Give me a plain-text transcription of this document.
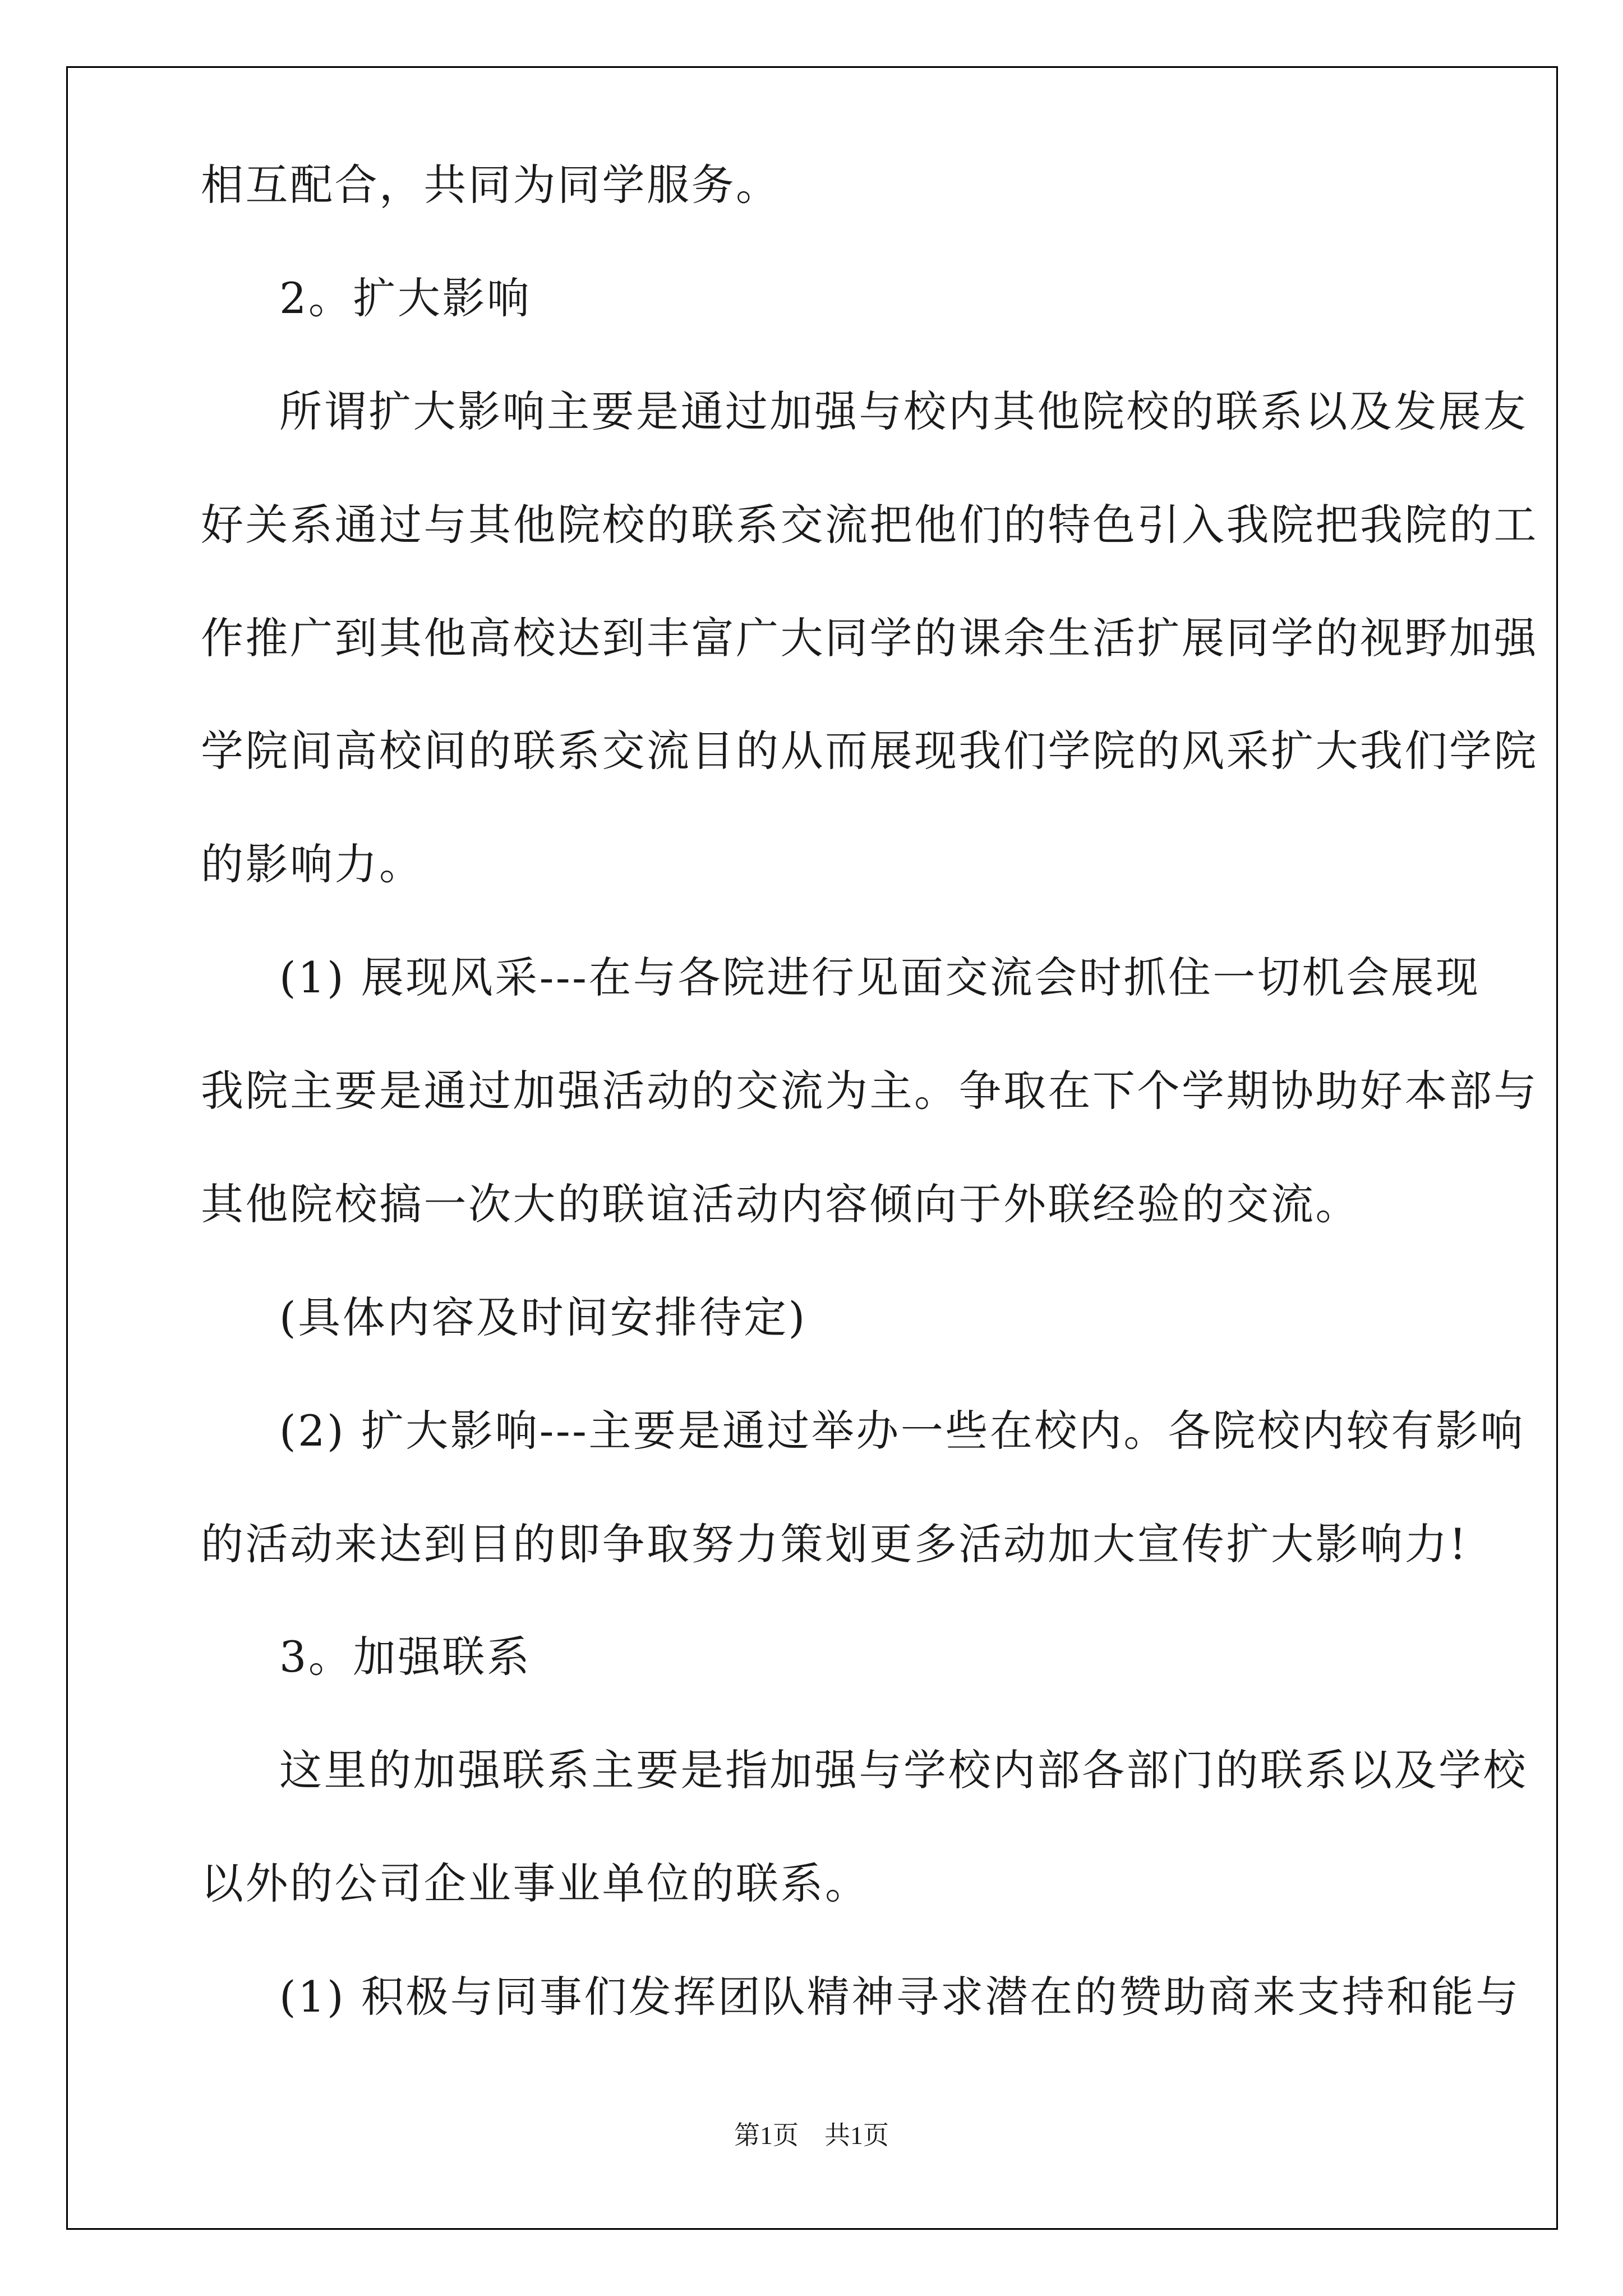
相互配合，共同为同学服务。
2。扩大影响
所谓扩大影响主要是通过加强与校内其他院校的联系以及发展友
好关系通过与其他院校的联系交流把他们的特色引入我院把我院的工
作推广到其他高校达到丰富广大同学的课余生活扩展同学的视野加强
学院间高校间的联系交流目的从而展现我们学院的风采扩大我们学院
的影响力。
(1) 展现风采---在与各院进行见面交流会时抓住一切机会展现
我院主要是通过加强活动的交流为主。争取在下个学期协助好本部与
其他院校搞一次大的联谊活动内容倾向于外联经验的交流。
(具体内容及时间安排待定)
(2) 扩大影响---主要是通过举办一些在校内。各院校内较有影响
的活动来达到目的即争取努力策划更多活动加大宣传扩大影响力!
3。加强联系
这里的加强联系主要是指加强与学校内部各部门的联系以及学校
以外的公司企业事业单位的联系。
(1) 积极与同事们发挥团队精神寻求潜在的赞助商来支持和能与
第1页　共1页
